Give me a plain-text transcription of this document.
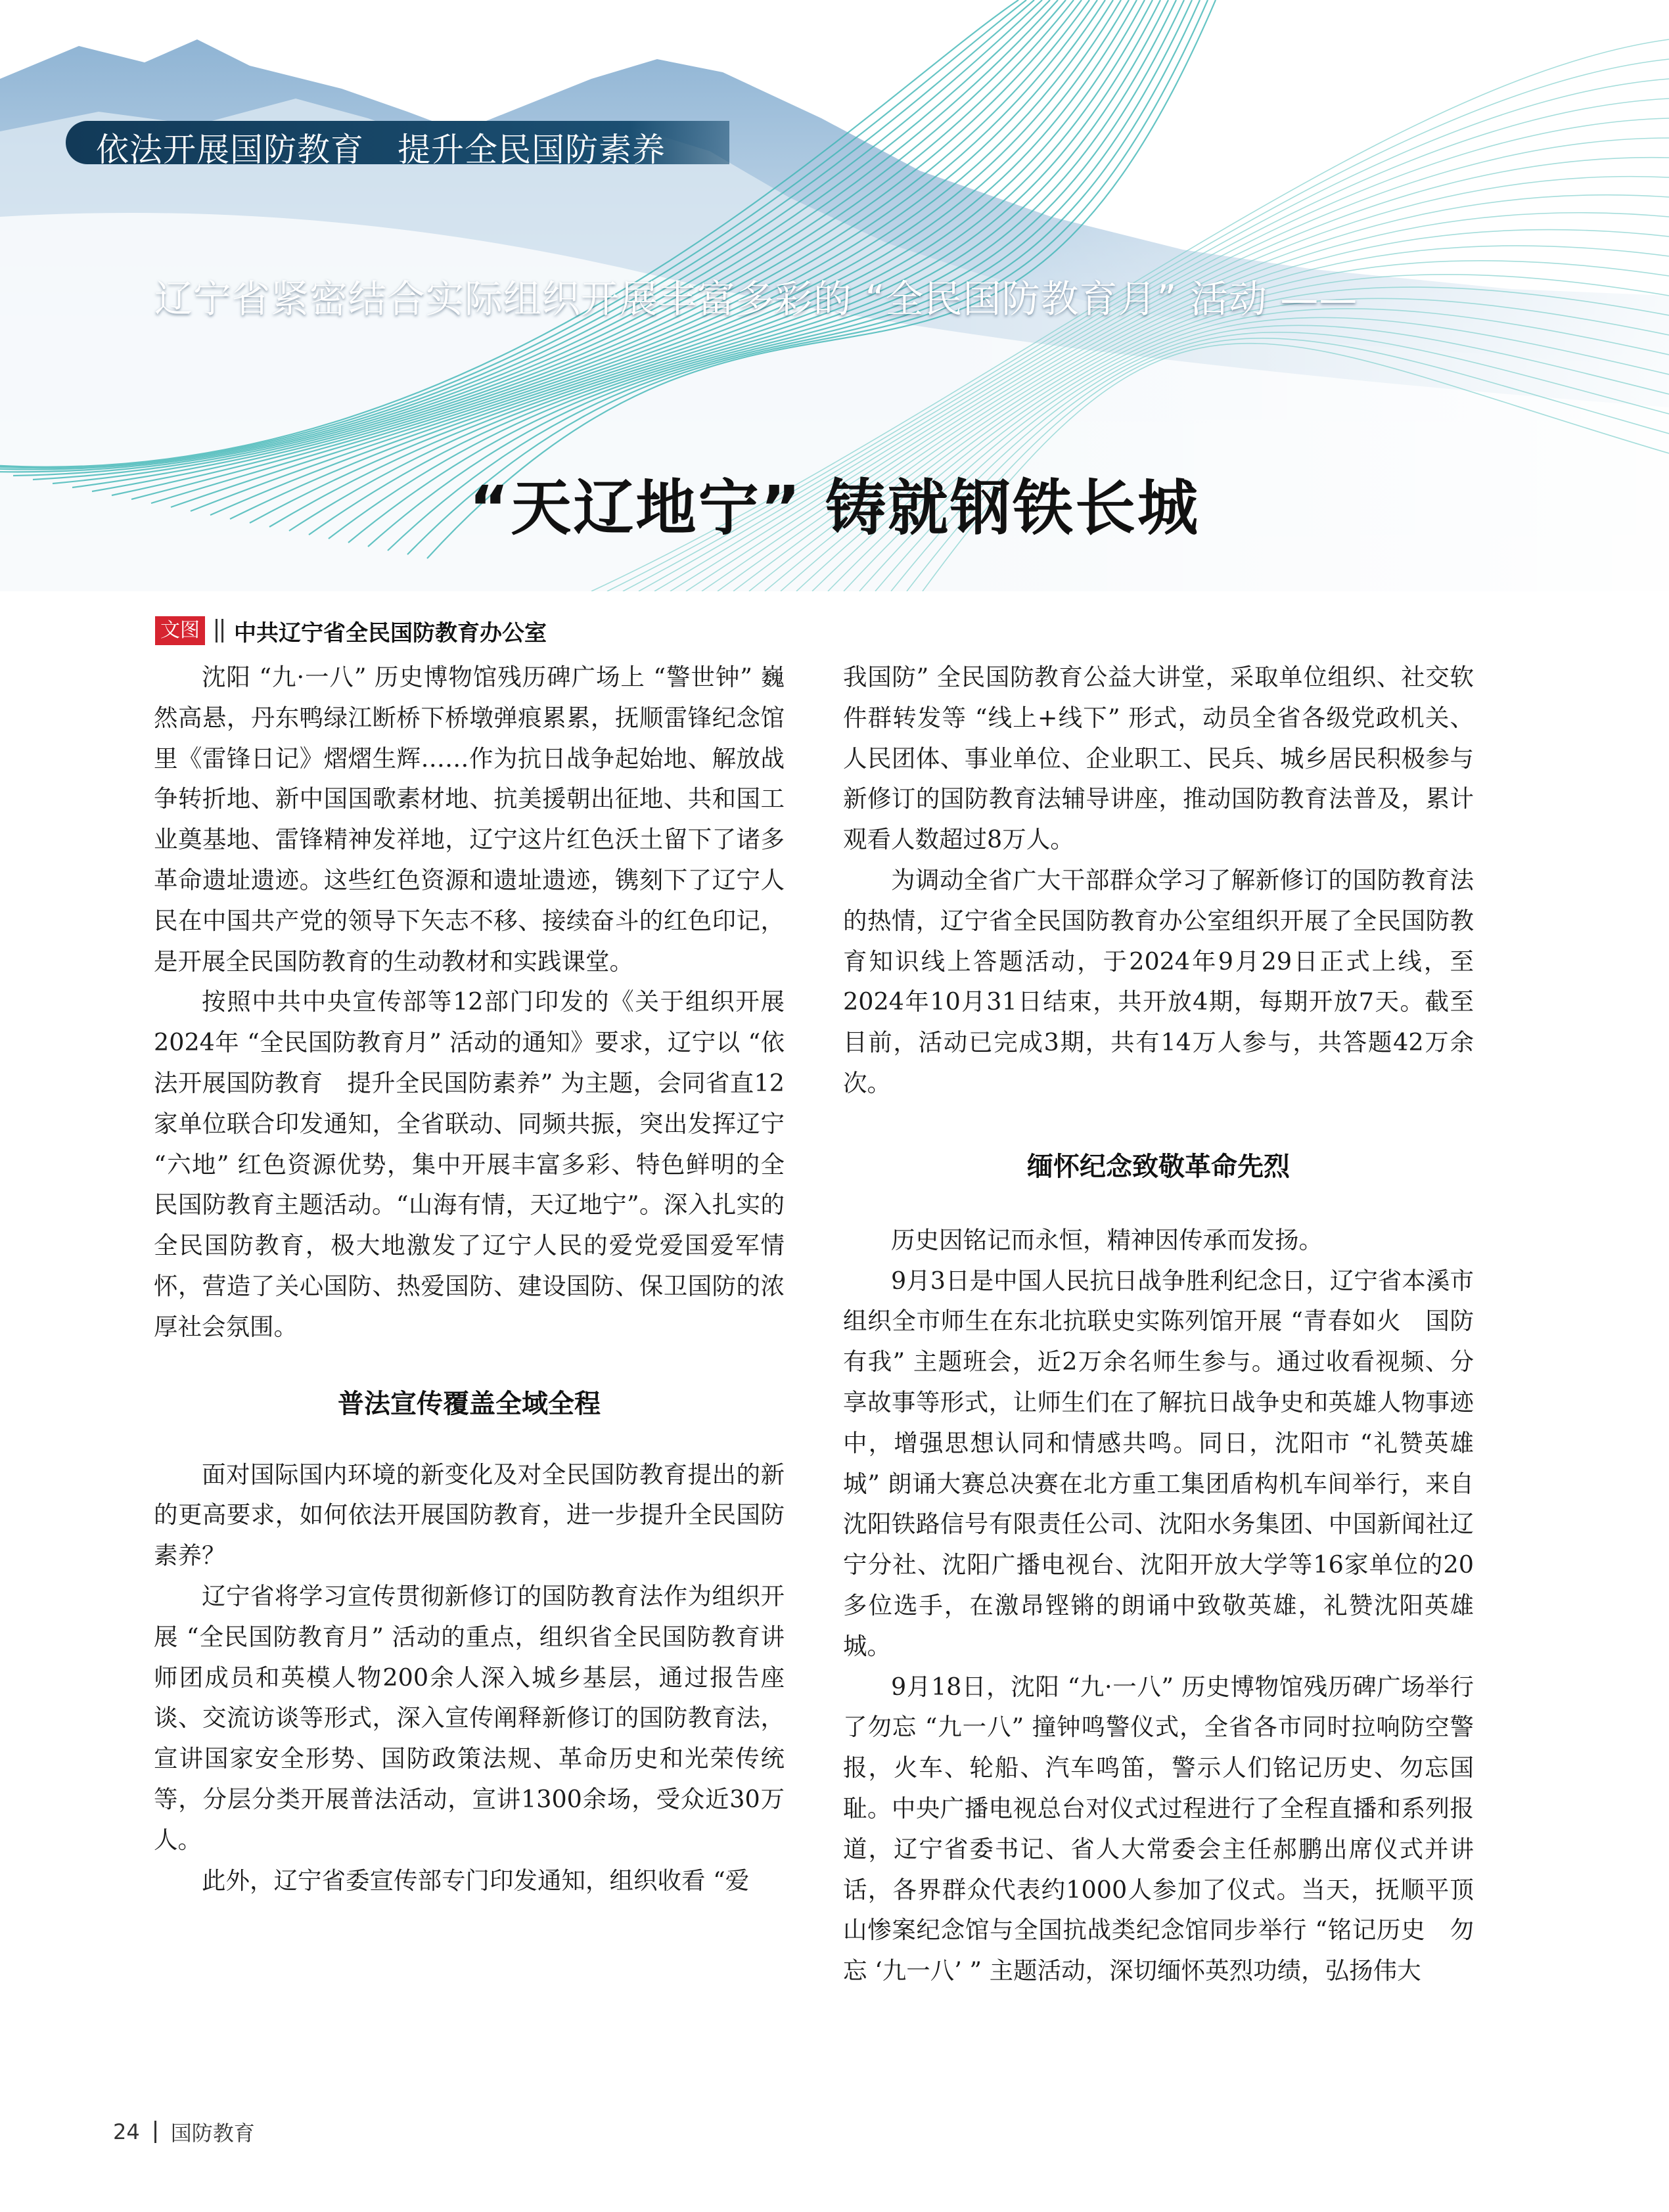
依法开展国防教育　提升全民国防素养
辽宁省紧密结合实际组织开展丰富多彩的 “全民国防教育月” 活动 ——
“天辽地宁” 铸就钢铁长城
文图 中共辽宁省全民国防教育办公室

沈阳 “九·一八” 历史博物馆残历碑广场上 “警世钟” 巍然高悬，丹东鸭绿江断桥下桥墩弹痕累累，抚顺雷锋纪念馆里《雷锋日记》熠熠生辉……作为抗日战争起始地、解放战争转折地、新中国国歌素材地、抗美援朝出征地、共和国工业奠基地、雷锋精神发祥地，辽宁这片红色沃土留下了诸多革命遗址遗迹。这些红色资源和遗址遗迹，镌刻下了辽宁人民在中国共产党的领导下矢志不移、接续奋斗的红色印记，是开展全民国防教育的生动教材和实践课堂。

按照中共中央宣传部等12部门印发的《关于组织开展2024年 “全民国防教育月” 活动的通知》要求，辽宁以 “依法开展国防教育　提升全民国防素养” 为主题，会同省直12家单位联合印发通知，全省联动、同频共振，突出发挥辽宁 “六地” 红色资源优势，集中开展丰富多彩、特色鲜明的全民国防教育主题活动。“山海有情，天辽地宁”。深入扎实的全民国防教育，极大地激发了辽宁人民的爱党爱国爱军情怀，营造了关心国防、热爱国防、建设国防、保卫国防的浓厚社会氛围。

普法宣传覆盖全域全程

面对国际国内环境的新变化及对全民国防教育提出的新的更高要求，如何依法开展国防教育，进一步提升全民国防素养？

辽宁省将学习宣传贯彻新修订的国防教育法作为组织开展 “全民国防教育月” 活动的重点，组织省全民国防教育讲师团成员和英模人物200余人深入城乡基层，通过报告座谈、交流访谈等形式，深入宣传阐释新修订的国防教育法，宣讲国家安全形势、国防政策法规、革命历史和光荣传统等，分层分类开展普法活动，宣讲1300余场，受众近30万人。

此外，辽宁省委宣传部专门印发通知，组织收看 “爱

我国防” 全民国防教育公益大讲堂，采取单位组织、社交软件群转发等 “线上+线下” 形式，动员全省各级党政机关、人民团体、事业单位、企业职工、民兵、城乡居民积极参与新修订的国防教育法辅导讲座，推动国防教育法普及，累计观看人数超过8万人。

为调动全省广大干部群众学习了解新修订的国防教育法的热情，辽宁省全民国防教育办公室组织开展了全民国防教育知识线上答题活动，于2024年9月29日正式上线，至2024年10月31日结束，共开放4期，每期开放7天。截至目前，活动已完成3期，共有14万人参与，共答题42万余次。

缅怀纪念致敬革命先烈

历史因铭记而永恒，精神因传承而发扬。

9月3日是中国人民抗日战争胜利纪念日，辽宁省本溪市组织全市师生在东北抗联史实陈列馆开展 “青春如火　国防有我” 主题班会，近2万余名师生参与。通过收看视频、分享故事等形式，让师生们在了解抗日战争史和英雄人物事迹中，增强思想认同和情感共鸣。同日，沈阳市 “礼赞英雄城” 朗诵大赛总决赛在北方重工集团盾构机车间举行，来自沈阳铁路信号有限责任公司、沈阳水务集团、中国新闻社辽宁分社、沈阳广播电视台、沈阳开放大学等16家单位的20多位选手，在激昂铿锵的朗诵中致敬英雄，礼赞沈阳英雄城。

9月18日，沈阳 “九·一八” 历史博物馆残历碑广场举行了勿忘 “九一八” 撞钟鸣警仪式，全省各市同时拉响防空警报，火车、轮船、汽车鸣笛，警示人们铭记历史、勿忘国耻。中央广播电视总台对仪式过程进行了全程直播和系列报道，辽宁省委书记、省人大常委会主任郝鹏出席仪式并讲话，各界群众代表约1000人参加了仪式。当天，抚顺平顶山惨案纪念馆与全国抗战类纪念馆同步举行 “铭记历史　勿忘 ‘九一八’ ” 主题活动，深切缅怀英烈功绩，弘扬伟大

24 国防教育
